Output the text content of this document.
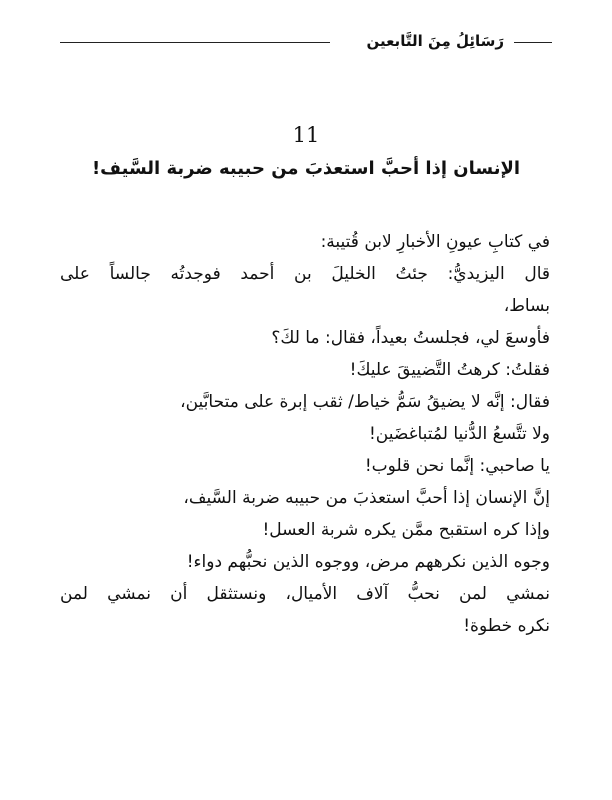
رَسَائِلُ مِنَ التَّابعين
11
الإنسان إذا أحبَّ استعذبَ من حبيبه ضربة السَّيف!
في كتابِ عيونِ الأخبارِ لابن قُتيبة:
قال اليزيديُّ: جئتُ الخليلَ بن أحمد فوجدتُه جالساً على
بساط،
فأوسعَ لي، فجلستُ بعيداً، فقال: ما لكَ؟
فقلتُ: كرهتُ التَّضييقَ عليكَ!
فقال: إنَّه لا يضيقُ سَمُّ خياط/ ثقب إبرة على متحابَّين،
ولا تتَّسعُ الدُّنيا لمُتباغضَين!
يا صاحبي: إنَّما نحن قلوب!
إنَّ الإنسان إذا أحبَّ استعذبَ من حبيبه ضربة السَّيف،
وإذا كره استقبح ممَّن يكره شربة العسل!
وجوه الذين نكرههم مرض، ووجوه الذين نحبُّهم دواء!
نمشي لمن نحبُّ آلاف الأميال، ونستثقل أن نمشي لمن
نكره خطوة!
